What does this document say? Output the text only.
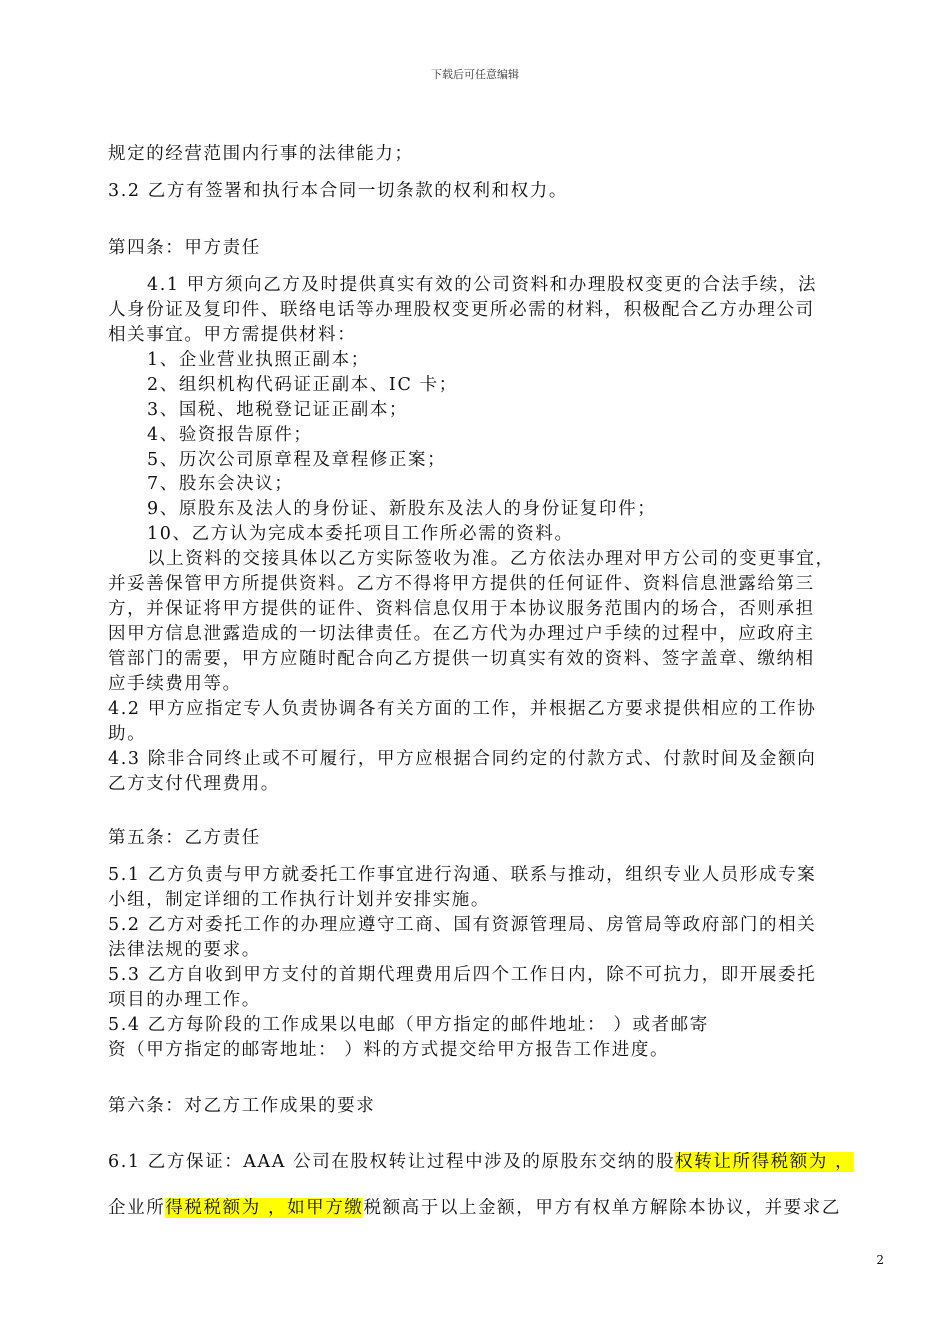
下载后可任意编辑
规定的经营范围内行事的法律能力；
3.2 乙方有签署和执行本合同一切条款的权利和权力。
第四条：甲方责任
4.1 甲方须向乙方及时提供真实有效的公司资料和办理股权变更的合法手续，法
人身份证及复印件、联络电话等办理股权变更所必需的材料，积极配合乙方办理公司
相关事宜。甲方需提供材料：
1、企业营业执照正副本；
2、组织机构代码证正副本、IC 卡；
3、国税、地税登记证正副本；
4、验资报告原件；
5、历次公司原章程及章程修正案；
7、股东会决议；
9、原股东及法人的身份证、新股东及法人的身份证复印件；
10、乙方认为完成本委托项目工作所必需的资料。
以上资料的交接具体以乙方实际签收为准。乙方依法办理对甲方公司的变更事宜，
并妥善保管甲方所提供资料。乙方不得将甲方提供的任何证件、资料信息泄露给第三
方，并保证将甲方提供的证件、资料信息仅用于本协议服务范围内的场合，否则承担
因甲方信息泄露造成的一切法律责任。在乙方代为办理过户手续的过程中，应政府主
管部门的需要，甲方应随时配合向乙方提供一切真实有效的资料、签字盖章、缴纳相
应手续费用等。
4.2 甲方应指定专人负责协调各有关方面的工作，并根据乙方要求提供相应的工作协
助。
4.3 除非合同终止或不可履行，甲方应根据合同约定的付款方式、付款时间及金额向
乙方支付代理费用。
第五条：乙方责任
5.1 乙方负责与甲方就委托工作事宜进行沟通、联系与推动，组织专业人员形成专案
小组，制定详细的工作执行计划并安排实施。
5.2 乙方对委托工作的办理应遵守工商、国有资源管理局、房管局等政府部门的相关
法律法规的要求。
5.3 乙方自收到甲方支付的首期代理费用后四个工作日内，除不可抗力，即开展委托
项目的办理工作。
5.4 乙方每阶段的工作成果以电邮（甲方指定的邮件地址： ）或者邮寄
资（甲方指定的邮寄地址： ）料的方式提交给甲方报告工作进度。
第六条：对乙方工作成果的要求
6.1 乙方保证：AAA 公司在股权转让过程中涉及的原股东交纳的股权转让所得税额为 ，
企业所得税税额为 ，如甲方缴税额高于以上金额，甲方有权单方解除本协议，并要求乙
2
